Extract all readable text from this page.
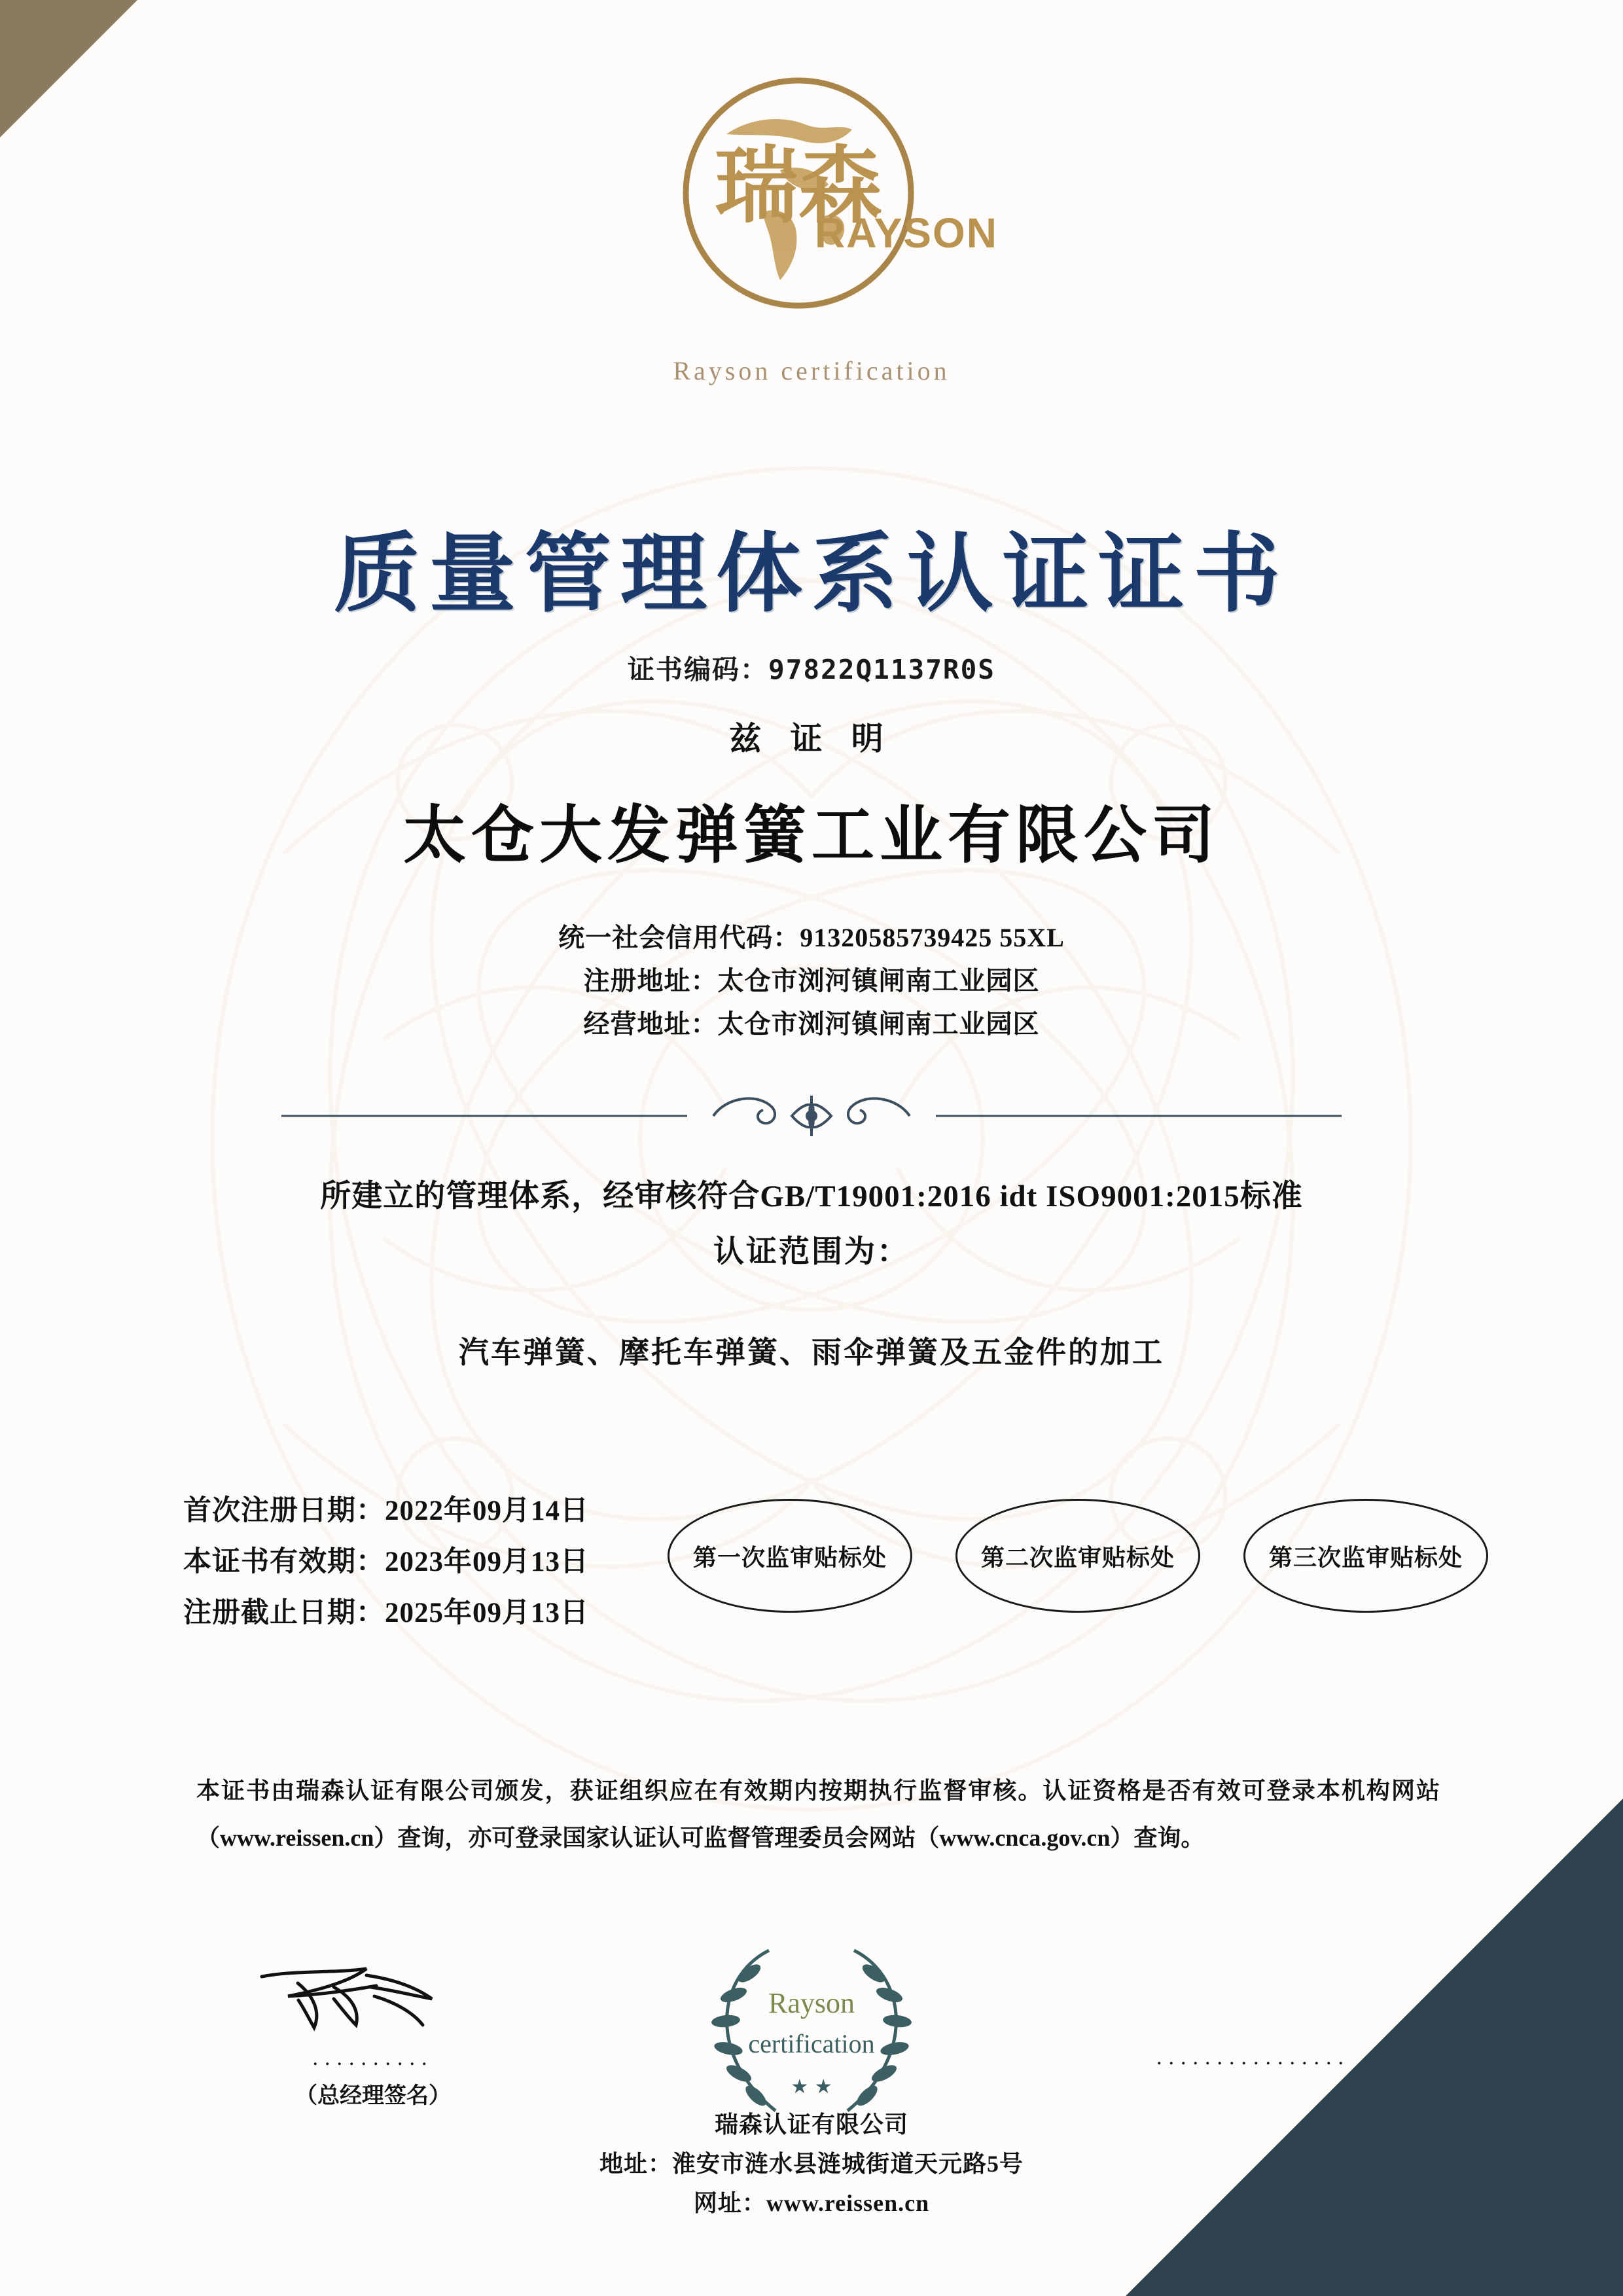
瑞森
RAYSON
Rayson certification
质量管理体系认证证书
证书编码：97822Q1137R0S
兹 证 明
太仓大发弹簧工业有限公司
统一社会信用代码：91320585739425 55XL
注册地址：太仓市浏河镇闸南工业园区
经营地址：太仓市浏河镇闸南工业园区
所建立的管理体系，经审核符合GB/T19001:2016 idt ISO9001:2015标准
认证范围为：
汽车弹簧、摩托车弹簧、雨伞弹簧及五金件的加工
首次注册日期：2022年09月14日
本证书有效期：2023年09月13日
注册截止日期：2025年09月13日
第一次监审贴标处	第二次监审贴标处	第三次监审贴标处
本证书由瑞森认证有限公司颁发，获证组织应在有效期内按期执行监督审核。认证资格是否有效可登录本机构网站（www.reissen.cn）查询，亦可登录国家认证认可监督管理委员会网站（www.cnca.gov.cn）查询。
..........
（总经理签名）
................
Rayson
certification
★ ★
瑞森认证有限公司
地址：淮安市涟水县涟城街道天元路5号
网址：www.reissen.cn
